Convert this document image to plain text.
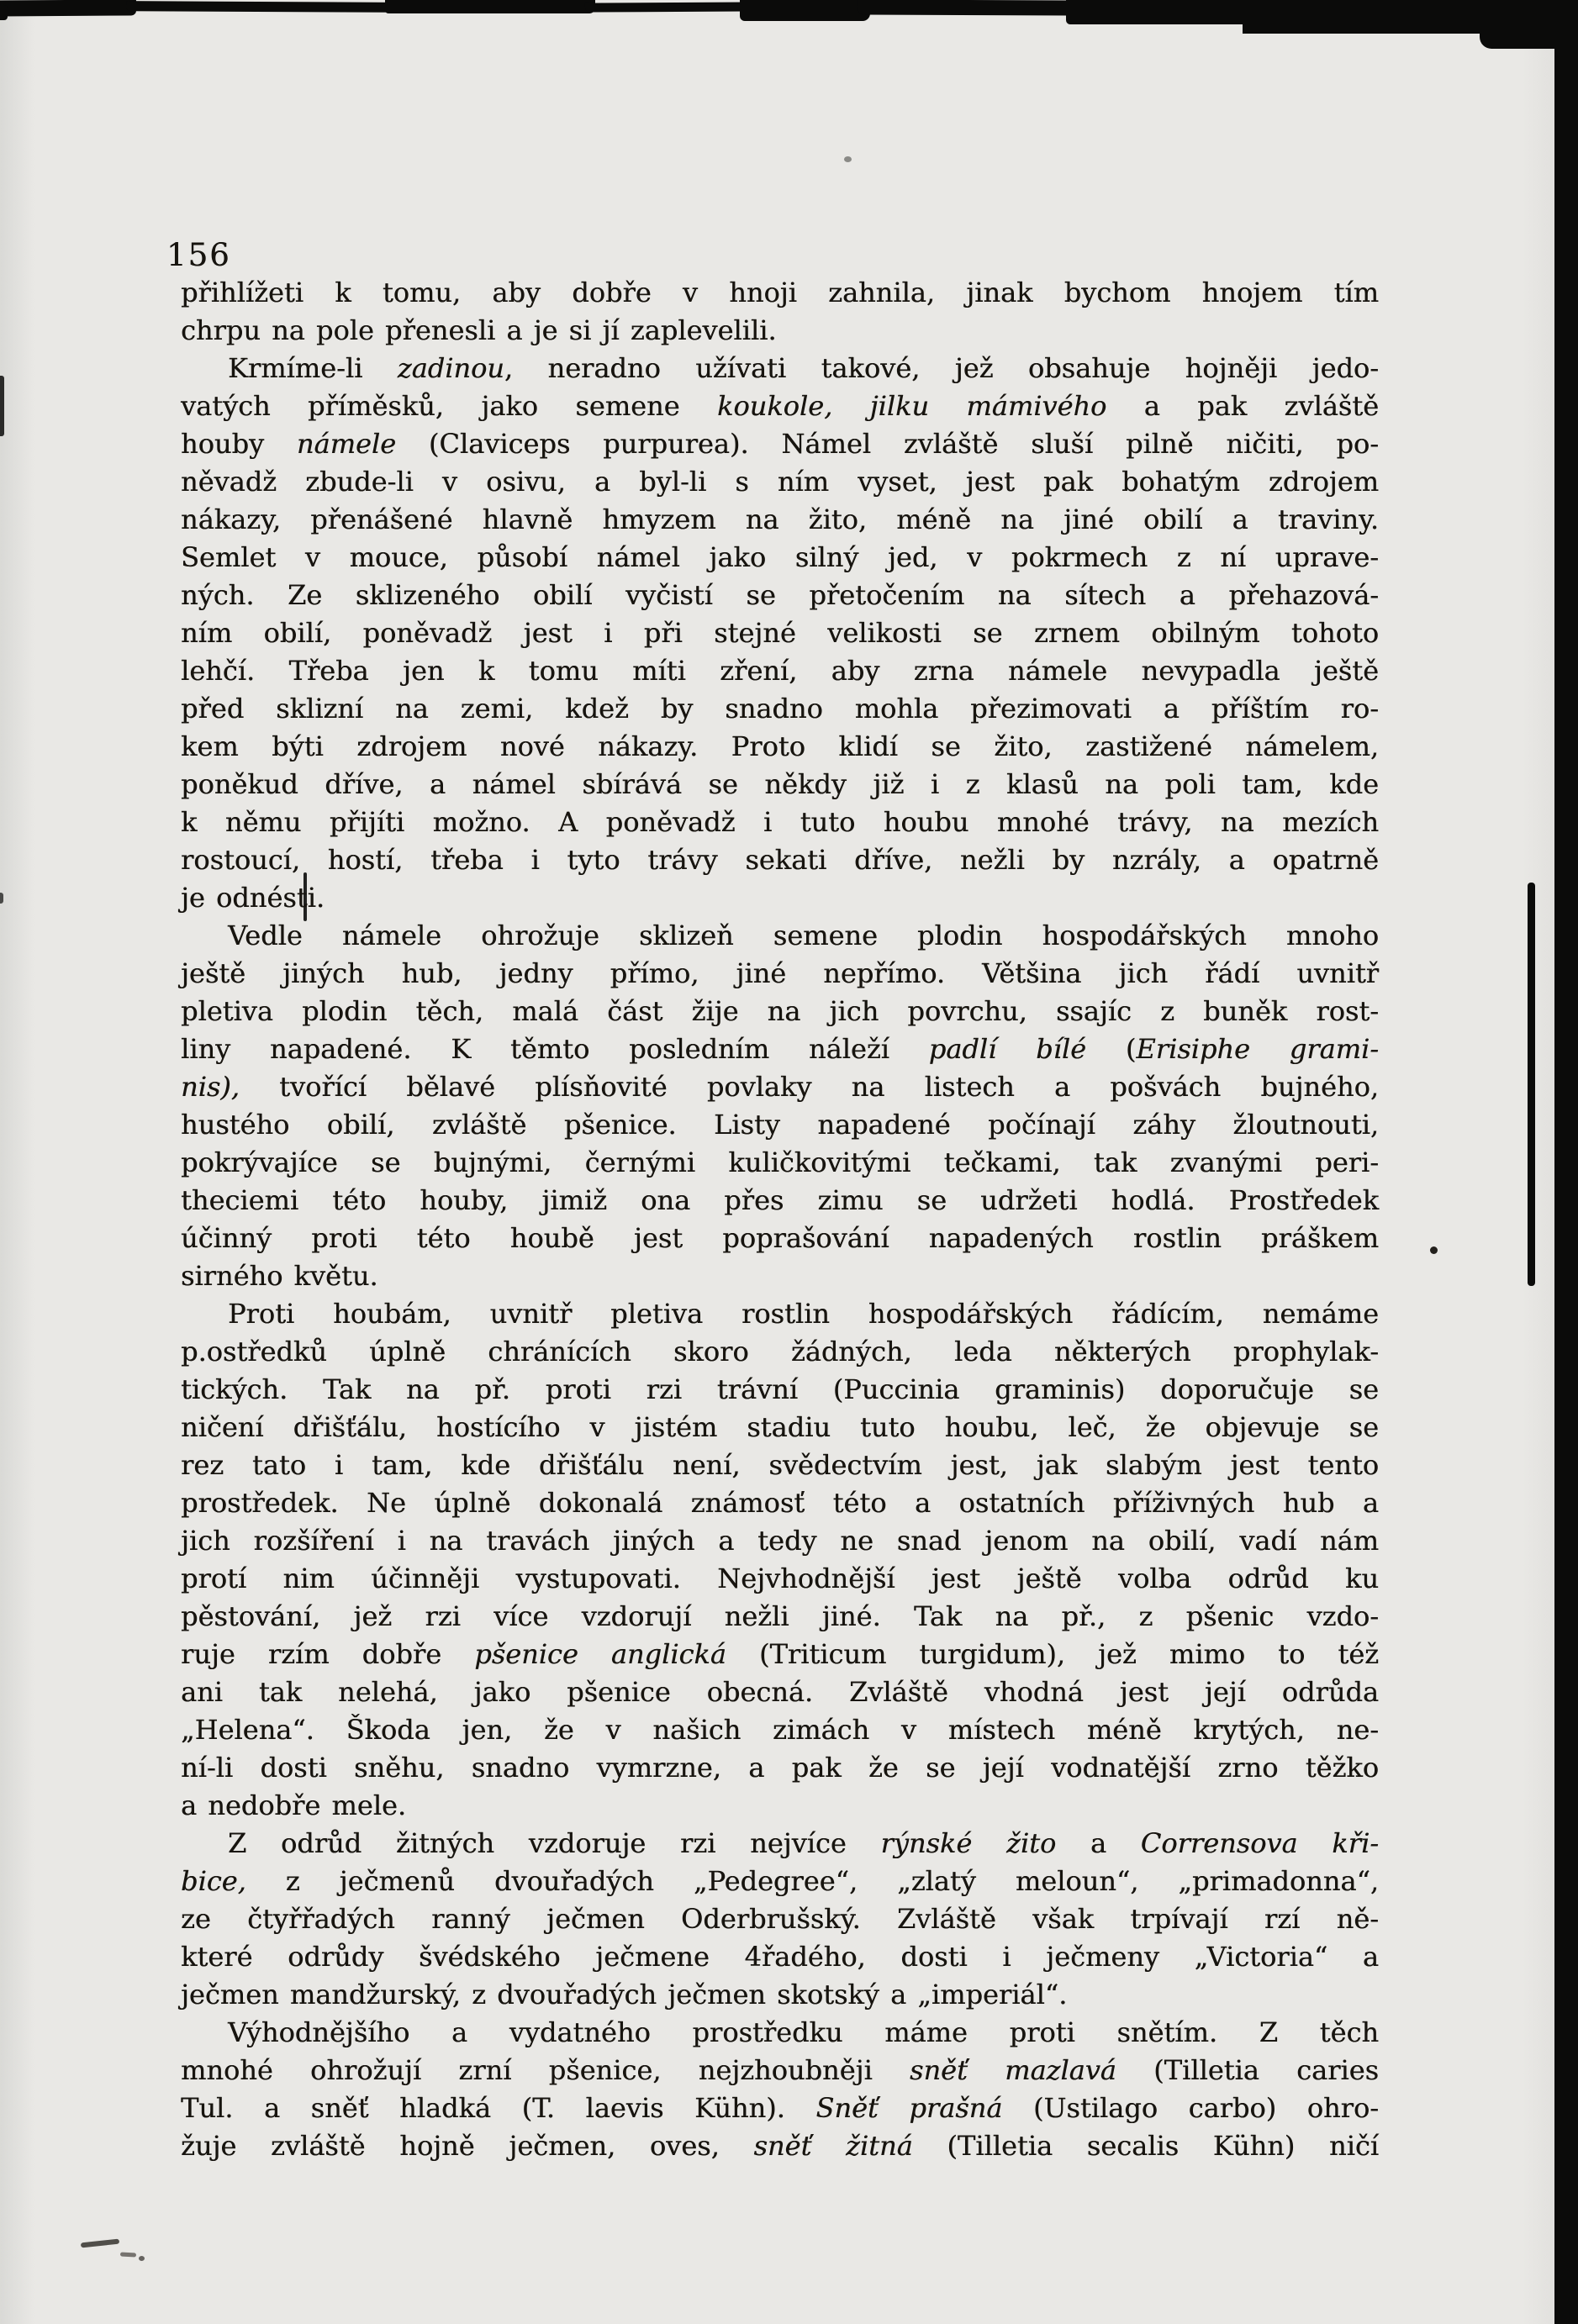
156
přihlížeti k tomu, aby dobře v hnoji zahnila, jinak bychom hnojem tím
chrpu na pole přenesli a je si jí zaplevelili.
Krmíme-li zadinou, neradno užívati takové, jež obsahuje hojněji jedo-
vatých příměsků, jako semene koukole, jilku mámivého a pak zvláště
houby námele (Claviceps purpurea). Námel zvláště sluší pilně ničiti, po-
něvadž zbude-li v osivu, a byl-li s ním vyset, jest pak bohatým zdrojem
nákazy, přenášené hlavně hmyzem na žito, méně na jiné obilí a traviny.
Semlet v mouce, působí námel jako silný jed, v pokrmech z ní uprave-
ných. Ze sklizeného obilí vyčistí se přetočením na sítech a přehazová-
ním obilí, poněvadž jest i při stejné velikosti se zrnem obilným tohoto
lehčí. Třeba jen k tomu míti zření, aby zrna námele nevypadla ještě
před sklizní na zemi, kdež by snadno mohla přezimovati a příštím ro-
kem býti zdrojem nové nákazy. Proto klidí se žito, zastižené námelem,
poněkud dříve, a námel sbírává se někdy již i z klasů na poli tam, kde
k němu přijíti možno. A poněvadž i tuto houbu mnohé trávy, na mezích
rostoucí, hostí, třeba i tyto trávy sekati dříve, nežli by nzrály, a opatrně
je odnésti.
Vedle námele ohrožuje sklizeň semene plodin hospodářských mnoho
ještě jiných hub, jedny přímo, jiné nepřímo. Většina jich řádí uvnitř
pletiva plodin těch, malá část žije na jich povrchu, ssajíc z buněk rost-
liny napadené. K těmto posledním náleží padlí bílé (Erisiphe grami-
nis), tvořící bělavé plísňovité povlaky na listech a pošvách bujného,
hustého obilí, zvláště pšenice. Listy napadené počínají záhy žloutnouti,
pokrývajíce se bujnými, černými kuličkovitými tečkami, tak zvanými peri-
theciemi této houby, jimiž ona přes zimu se udržeti hodlá. Prostředek
účinný proti této houbě jest poprašování napadených rostlin práškem
sirného květu.
Proti houbám, uvnitř pletiva rostlin hospodářských řádícím, nemáme
p.ostředků úplně chránících skoro žádných, leda některých prophylak-
tických. Tak na př. proti rzi trávní (Puccinia graminis) doporučuje se
ničení dřišťálu, hostícího v jistém stadiu tuto houbu, leč, že objevuje se
rez tato i tam, kde dřišťálu není, svědectvím jest, jak slabým jest tento
prostředek. Ne úplně dokonalá známosť této a ostatních příživných hub a
jich rozšíření i na travách jiných a tedy ne snad jenom na obilí, vadí nám
protí nim účinněji vystupovati. Nejvhodnější jest ještě volba odrůd ku
pěstování, jež rzi více vzdorují nežli jiné. Tak na př., z pšenic vzdo-
ruje rzím dobře pšenice anglická (Triticum turgidum), jež mimo to též
ani tak nelehá, jako pšenice obecná. Zvláště vhodná jest její odrůda
„Helena“. Škoda jen, že v našich zimách v místech méně krytých, ne-
ní-li dosti sněhu, snadno vymrzne, a pak že se její vodnatější zrno těžko
a nedobře mele.
Z odrůd žitných vzdoruje rzi nejvíce rýnské žito a Corrensova kři-
bice, z ječmenů dvouřadých „Pedegree“, „zlatý meloun“, „primadonna“,
ze čtyřřadých ranný ječmen Oderbrušský. Zvláště však trpívají rzí ně-
které odrůdy švédského ječmene 4řadého, dosti i ječmeny „Victoria“ a
ječmen mandžurský, z dvouřadých ječmen skotský a „imperiál“.
Výhodnějšího a vydatného prostředku máme proti snětím. Z těch
mnohé ohrožují zrní pšenice, nejzhoubněji sněť mazlavá (Tilletia caries
Tul. a sněť hladká (T. laevis Kühn). Sněť prašná (Ustilago carbo) ohro-
žuje zvláště hojně ječmen, oves, sněť žitná (Tilletia secalis Kühn) ničí
